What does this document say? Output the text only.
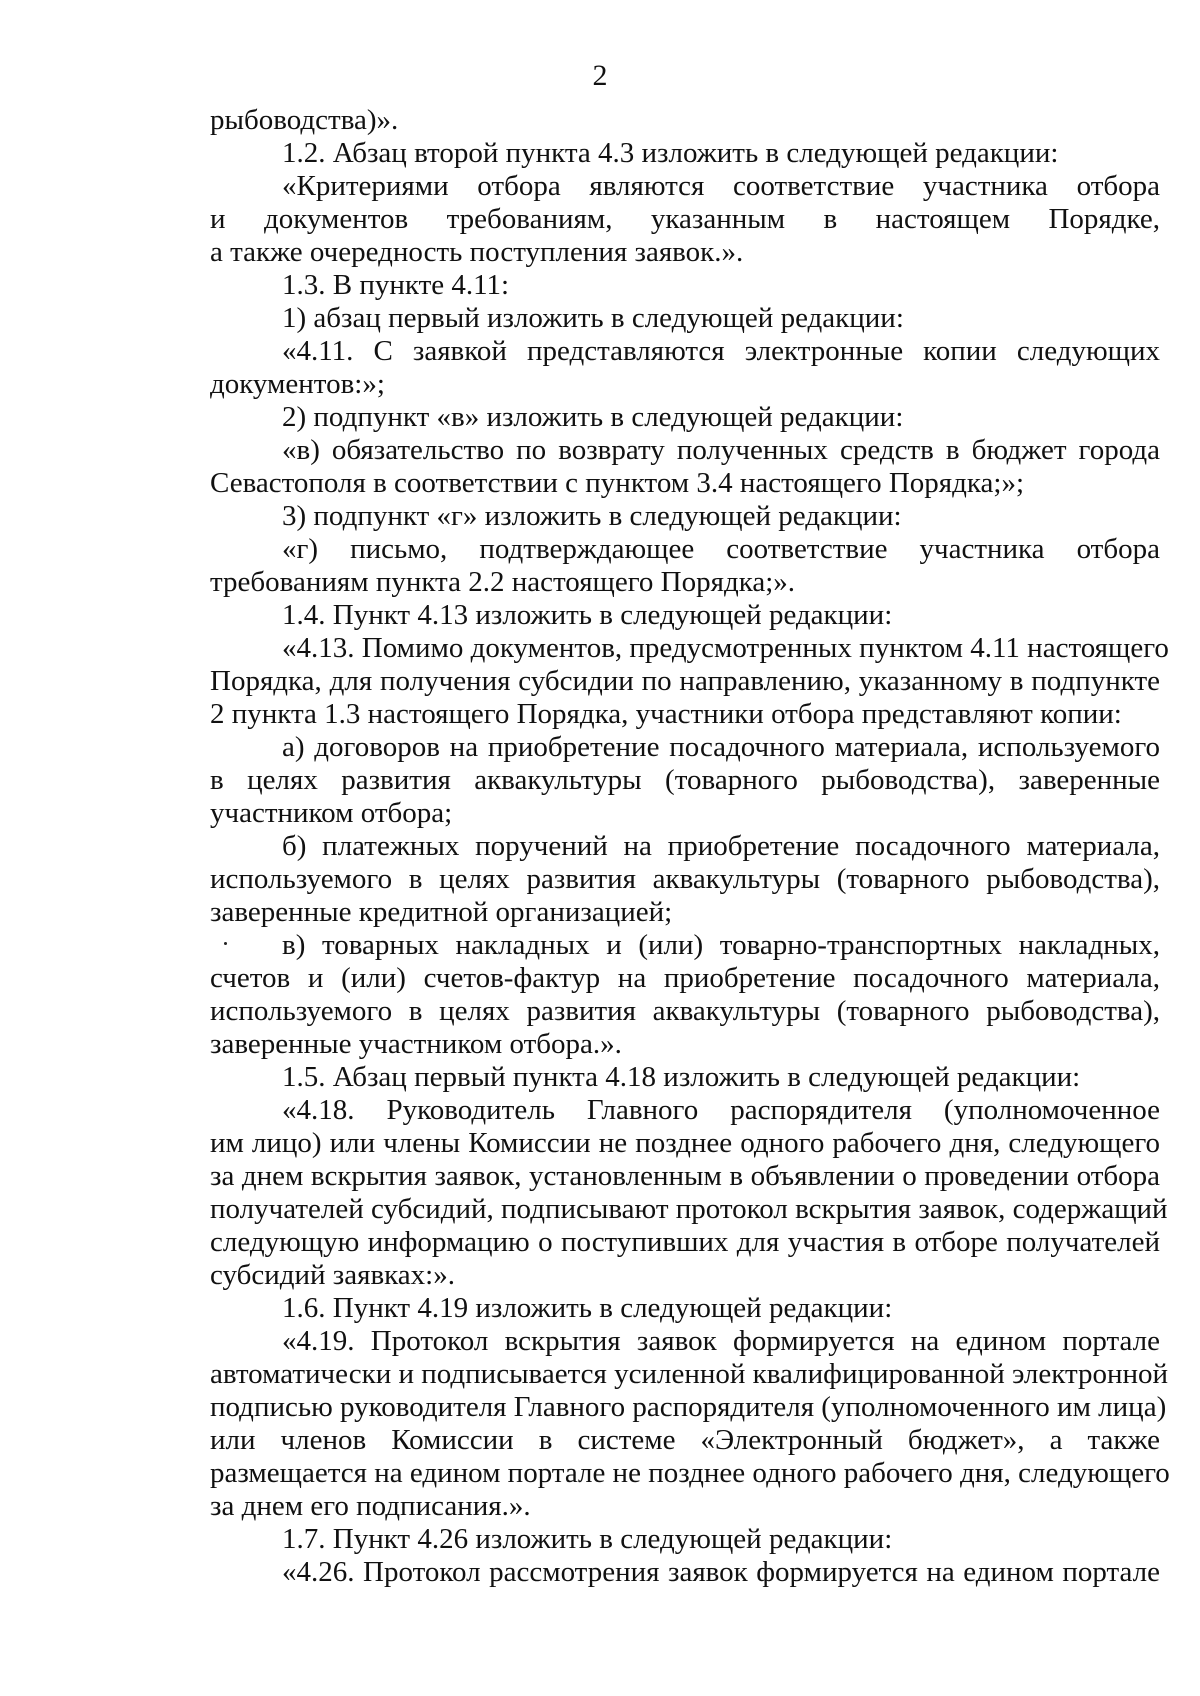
2
рыбоводства)».
1.2. Абзац второй пункта 4.3 изложить в следующей редакции:
«Критериями отбора являются соответствие участника отбора
и документов требованиям, указанным в настоящем Порядке,
а также очередность поступления заявок.».
1.3. В пункте 4.11:
1) абзац первый изложить в следующей редакции:
«4.11. С заявкой представляются электронные копии следующих
документов:»;
2) подпункт «в» изложить в следующей редакции:
«в) обязательство по возврату полученных средств в бюджет города
Севастополя в соответствии с пунктом 3.4 настоящего Порядка;»;
3) подпункт «г» изложить в следующей редакции:
«г) письмо, подтверждающее соответствие участника отбора
требованиям пункта 2.2 настоящего Порядка;».
1.4. Пункт 4.13 изложить в следующей редакции:
«4.13. Помимо документов, предусмотренных пунктом 4.11 настоящего
Порядка, для получения субсидии по направлению, указанному в подпункте
2 пункта 1.3 настоящего Порядка, участники отбора представляют копии:
а) договоров на приобретение посадочного материала, используемого
в целях развития аквакультуры (товарного рыбоводства), заверенные
участником отбора;
б) платежных поручений на приобретение посадочного материала,
используемого в целях развития аквакультуры (товарного рыбоводства),
заверенные кредитной организацией;
в) товарных накладных и (или) товарно-транспортных накладных,
счетов и (или) счетов-фактур на приобретение посадочного материала,
используемого в целях развития аквакультуры (товарного рыбоводства),
заверенные участником отбора.».
1.5. Абзац первый пункта 4.18 изложить в следующей редакции:
«4.18. Руководитель Главного распорядителя (уполномоченное
им лицо) или члены Комиссии не позднее одного рабочего дня, следующего
за днем вскрытия заявок, установленным в объявлении о проведении отбора
получателей субсидий, подписывают протокол вскрытия заявок, содержащий
следующую информацию о поступивших для участия в отборе получателей
субсидий заявках:».
1.6. Пункт 4.19 изложить в следующей редакции:
«4.19. Протокол вскрытия заявок формируется на едином портале
автоматически и подписывается усиленной квалифицированной электронной
подписью руководителя Главного распорядителя (уполномоченного им лица)
или членов Комиссии в системе «Электронный бюджет», а также
размещается на едином портале не позднее одного рабочего дня, следующего
за днем его подписания.».
1.7. Пункт 4.26 изложить в следующей редакции:
«4.26. Протокол рассмотрения заявок формируется на едином портале
